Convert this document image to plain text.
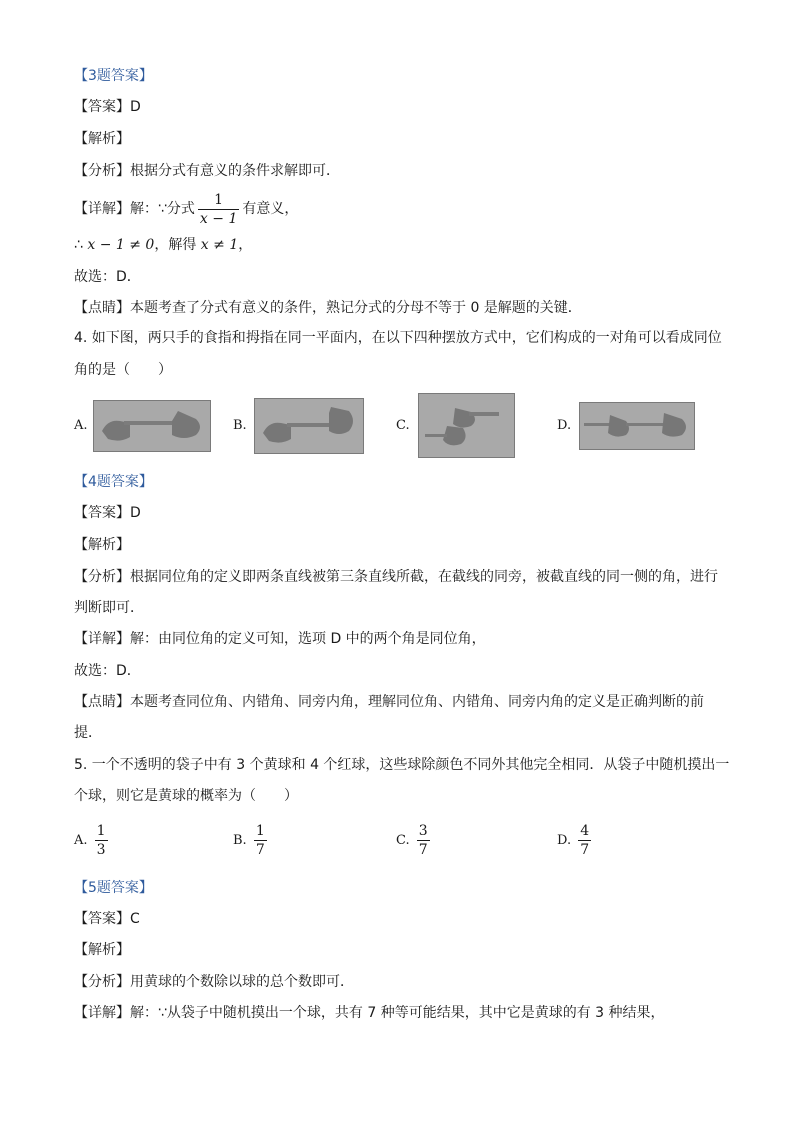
【3题答案】
【答案】D
【解析】
【分析】根据分式有意义的条件求解即可．
【详解】解：∵分式 $\frac{1}{x - 1}$ 有意义，
∴ x − 1 ≠ 0，解得 x ≠ 1，
故选：D．
【点睛】本题考查了分式有意义的条件，熟记分式的分母不等于 0 是解题的关键．
4. 如下图，两只手的食指和拇指在同一平面内，在以下四种摆放方式中，它们构成的一对角可以看成同位
角的是（　　）
A.	B.	C.	D.
【4题答案】
【答案】D
【解析】
【分析】根据同位角的定义即两条直线被第三条直线所截，在截线的同旁，被截直线的同一侧的角，进行
判断即可．
【详解】解：由同位角的定义可知，选项 D 中的两个角是同位角，
故选：D．
【点睛】本题考查同位角、内错角、同旁内角，理解同位角、内错角、同旁内角的定义是正确判断的前
提．
5. 一个不透明的袋子中有 3 个黄球和 4 个红球，这些球除颜色不同外其他完全相同．从袋子中随机摸出一
个球，则它是黄球的概率为（　　）
A. $\frac{1}{3}$	B. $\frac{1}{7}$	C. $\frac{3}{7}$	D. $\frac{4}{7}$
【5题答案】
【答案】C
【解析】
【分析】用黄球的个数除以球的总个数即可．
【详解】解：∵从袋子中随机摸出一个球，共有 7 种等可能结果，其中它是黄球的有 3 种结果，
